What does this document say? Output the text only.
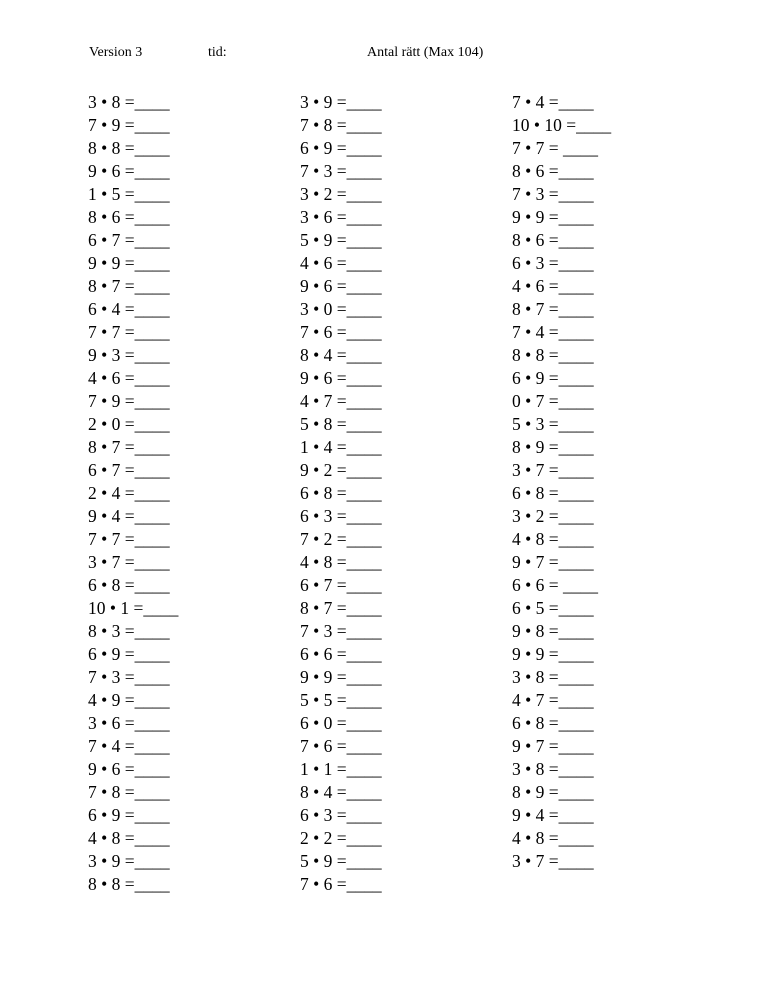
Version 3	tid:	Antal rätt (Max 104)
3 • 8 =____
7 • 9 =____
8 • 8 =____
9 • 6 =____
1 • 5 =____
8 • 6 =____
6 • 7 =____
9 • 9 =____
8 • 7 =____
6 • 4 =____
7 • 7 =____
9 • 3 =____
4 • 6 =____
7 • 9 =____
2 • 0 =____
8 • 7 =____
6 • 7 =____
2 • 4 =____
9 • 4 =____
7 • 7 =____
3 • 7 =____
6 • 8 =____
10 • 1 =____
8 • 3 =____
6 • 9 =____
7 • 3 =____
4 • 9 =____
3 • 6 =____
7 • 4 =____
9 • 6 =____
7 • 8 =____
6 • 9 =____
4 • 8 =____
3 • 9 =____
8 • 8 =____
3 • 9 =____
7 • 8 =____
6 • 9 =____
7 • 3 =____
3 • 2 =____
3 • 6 =____
5 • 9 =____
4 • 6 =____
9 • 6 =____
3 • 0 =____
7 • 6 =____
8 • 4 =____
9 • 6 =____
4 • 7 =____
5 • 8 =____
1 • 4 =____
9 • 2 =____
6 • 8 =____
6 • 3 =____
7 • 2 =____
4 • 8 =____
6 • 7 =____
8 • 7 =____
7 • 3 =____
6 • 6 =____
9 • 9 =____
5 • 5 =____
6 • 0 =____
7 • 6 =____
1 • 1 =____
8 • 4 =____
6 • 3 =____
2 • 2 =____
5 • 9 =____
7 • 6 =____
7 • 4 =____
10 • 10 =____
7 • 7 = ____
8 • 6 =____
7 • 3 =____
9 • 9 =____
8 • 6 =____
6 • 3 =____
4 • 6 =____
8 • 7 =____
7 • 4 =____
8 • 8 =____
6 • 9 =____
0 • 7 =____
5 • 3 =____
8 • 9 =____
3 • 7 =____
6 • 8 =____
3 • 2 =____
4 • 8 =____
9 • 7 =____
6 • 6 = ____
6 • 5 =____
9 • 8 =____
9 • 9 =____
3 • 8 =____
4 • 7 =____
6 • 8 =____
9 • 7 =____
3 • 8 =____
8 • 9 =____
9 • 4 =____
4 • 8 =____
3 • 7 =____
